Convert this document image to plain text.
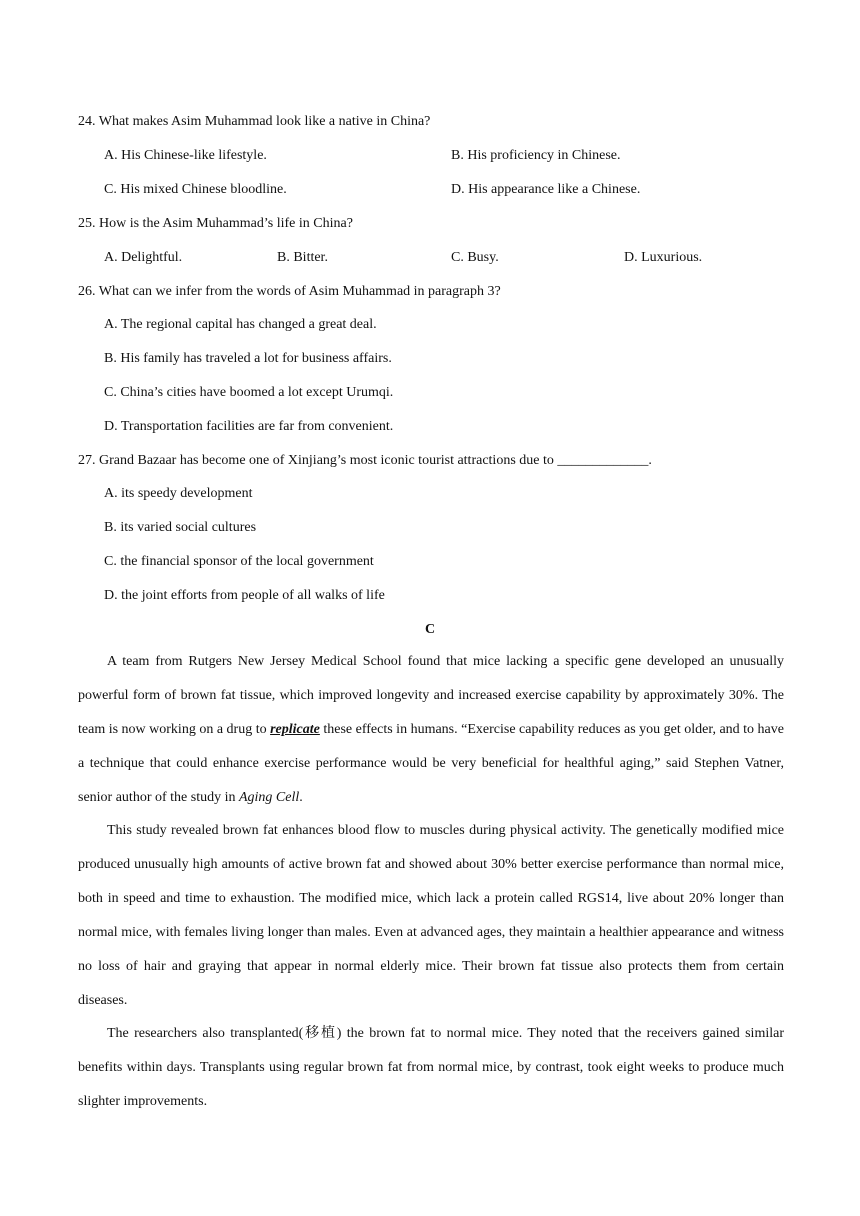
24. What makes Asim Muhammad look like a native in China?
A. His Chinese-like lifestyle.	B. His proficiency in Chinese.
C. His mixed Chinese bloodline.	D. His appearance like a Chinese.
25. How is the Asim Muhammad’s life in China?
A. Delightful.	B. Bitter.	C. Busy.	D. Luxurious.
26. What can we infer from the words of Asim Muhammad in paragraph 3?
A. The regional capital has changed a great deal.
B. His family has traveled a lot for business affairs.
C. China’s cities have boomed a lot except Urumqi.
D. Transportation facilities are far from convenient.
27. Grand Bazaar has become one of Xinjiang’s most iconic tourist attractions due to _____________.
A. its speedy development
B. its varied social cultures
C. the financial sponsor of the local government
D. the joint efforts from people of all walks of life
C

A team from Rutgers New Jersey Medical School found that mice lacking a specific gene developed an unusually powerful form of brown fat tissue, which improved longevity and increased exercise capability by approximately 30%. The team is now working on a drug to replicate these effects in humans. “Exercise capability reduces as you get older, and to have a technique that could enhance exercise performance would be very beneficial for healthful aging,” said Stephen Vatner, senior author of the study in Aging Cell.

This study revealed brown fat enhances blood flow to muscles during physical activity. The genetically modified mice produced unusually high amounts of active brown fat and showed about 30% better exercise performance than normal mice, both in speed and time to exhaustion. The modified mice, which lack a protein called RGS14, live about 20% longer than normal mice, with females living longer than males. Even at advanced ages, they maintain a healthier appearance and witness no loss of hair and graying that appear in normal elderly mice. Their brown fat tissue also protects them from certain diseases.

The researchers also transplanted(移植) the brown fat to normal mice. They noted that the receivers gained similar benefits within days. Transplants using regular brown fat from normal mice, by contrast, took eight weeks to produce much slighter improvements.
